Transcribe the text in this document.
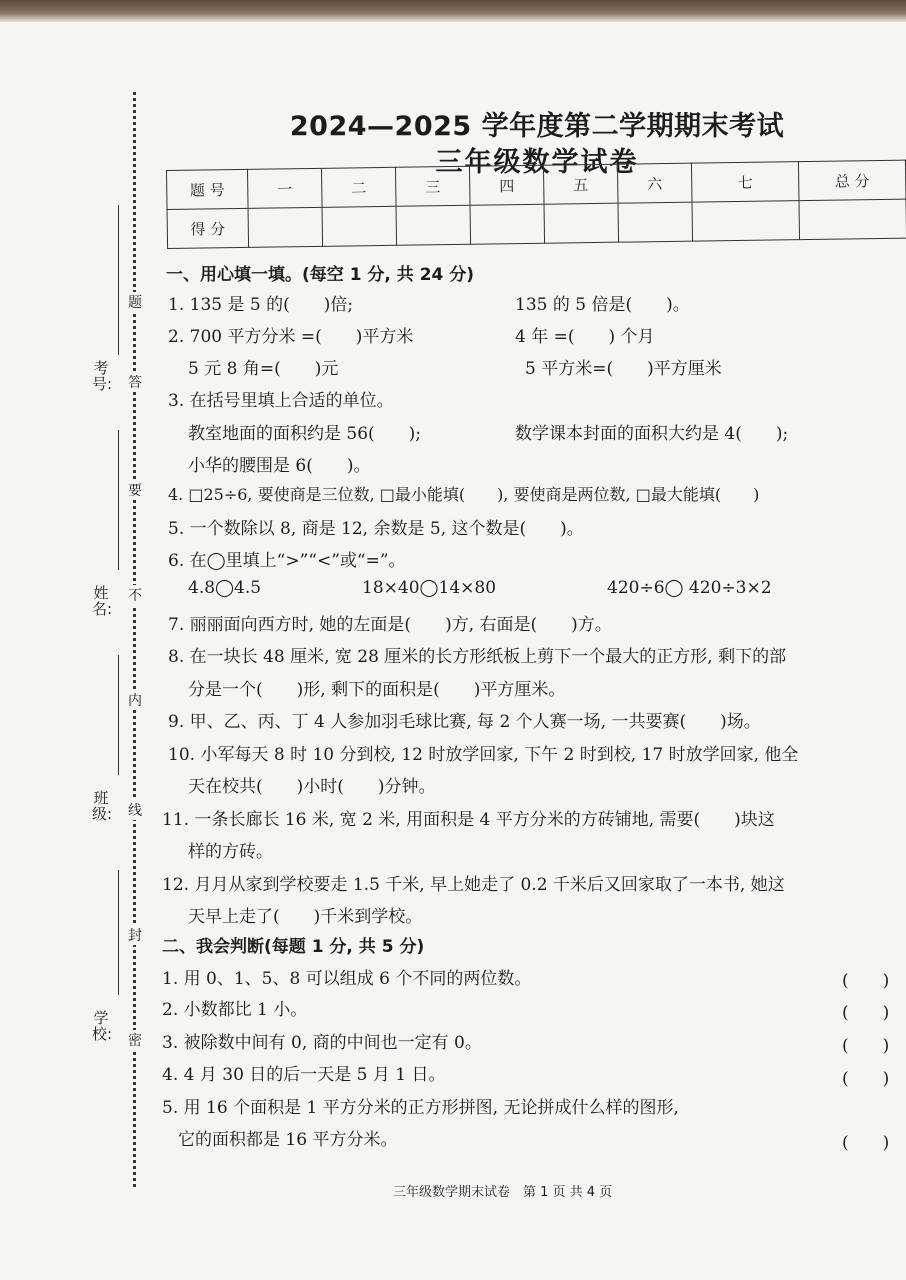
考号:
姓名:
班级:
学校:
题
答
要
不
内
线
封
密
2024—2025 学年度第二学期期末考试
三年级数学试卷
题 号	一	二	三	四	五	六	七	总 分
得 分								
一、用心填一填。(每空 1 分, 共 24 分)
1. 135 是 5 的(　　)倍;	135 的 5 倍是(　　)。
2. 700 平方分米 =(　　)平方米	4 年 =(　　) 个月
5 元 8 角=(　　)元	5 平方米=(　　)平方厘米
3. 在括号里填上合适的单位。
教室地面的面积约是 56(　　);	数学课本封面的面积大约是 4(　　);
小华的腰围是 6(　　)。
4. □25÷6, 要使商是三位数, □最小能填(　　), 要使商是两位数, □最大能填(　　)
5. 一个数除以 8, 商是 12, 余数是 5, 这个数是(　　)。
6. 在◯里填上“>”“<”或“=”。
4.8◯4.5	18×40◯14×80	420÷6◯ 420÷3×2
7. 丽丽面向西方时, 她的左面是(　　)方, 右面是(　　)方。
8. 在一块长 48 厘米, 宽 28 厘米的长方形纸板上剪下一个最大的正方形, 剩下的部
分是一个(　　)形, 剩下的面积是(　　)平方厘米。
9. 甲、乙、丙、丁 4 人参加羽毛球比赛, 每 2 个人赛一场, 一共要赛(　　)场。
10. 小军每天 8 时 10 分到校, 12 时放学回家, 下午 2 时到校, 17 时放学回家, 他全
天在校共(　　)小时(　　)分钟。
11. 一条长廊长 16 米, 宽 2 米, 用面积是 4 平方分米的方砖铺地, 需要(　　)块这
样的方砖。
12. 月月从家到学校要走 1.5 千米, 早上她走了 0.2 千米后又回家取了一本书, 她这
天早上走了(　　)千米到学校。
二、我会判断(每题 1 分, 共 5 分)
1. 用 0、1、5、8 可以组成 6 个不同的两位数。	(　　)
2. 小数都比 1 小。	(　　)
3. 被除数中间有 0, 商的中间也一定有 0。	(　　)
4. 4 月 30 日的后一天是 5 月 1 日。	(　　)
5. 用 16 个面积是 1 平方分米的正方形拼图, 无论拼成什么样的图形,
它的面积都是 16 平方分米。	(　　)
三年级数学期末试卷　第 1 页 共 4 页
